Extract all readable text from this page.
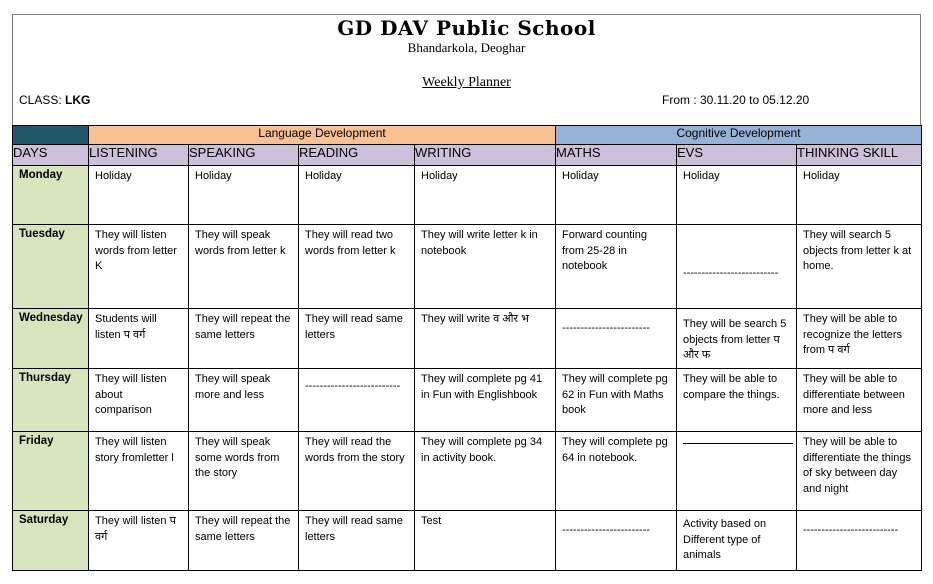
GD DAV Public School
Bhandarkola, Deoghar
Weekly Planner
CLASS: LKG	From : 30.11.20 to 05.12.20
	Language Development				Cognitive Development		
DAYS	LISTENING	SPEAKING	READING	WRITING	MATHS	EVS	THINKING SKILL
Monday	Holiday	Holiday	Holiday	Holiday	Holiday	Holiday	Holiday
Tuesday	They will listen words from letter K	They will speak words from letter k	They will read two words from letter k	They will write letter k in notebook	Forward counting from 25-28 in notebook	--------------------------	They will search 5 objects from letter k at home.
Wednesday	Students will listen प वर्ग	They will repeat the same letters	They will read same letters	They will write व और भ	------------------------	They will be search 5 objects from letter प और फ	They will be able to recognize the letters from प वर्ग
Thursday	They will listen about comparison	They will speak more and less	--------------------------	They will complete pg 41 in Fun with Englishbook	They will complete pg 62 in Fun with Maths book	They will be able to compare the things.	They will be able to differentiate between more and less
Friday	They will listen story fromletter l	They will speak some words from the story	They will read the words from the story	They will complete pg 34 in activity book.	They will complete pg 64 in notebook.		They will be able to differentiate the things of sky between day and night
Saturday	They will listen प वर्ग	They will repeat the same letters	They will read same letters	Test	------------------------	Activity based on Different type of animals	--------------------------
